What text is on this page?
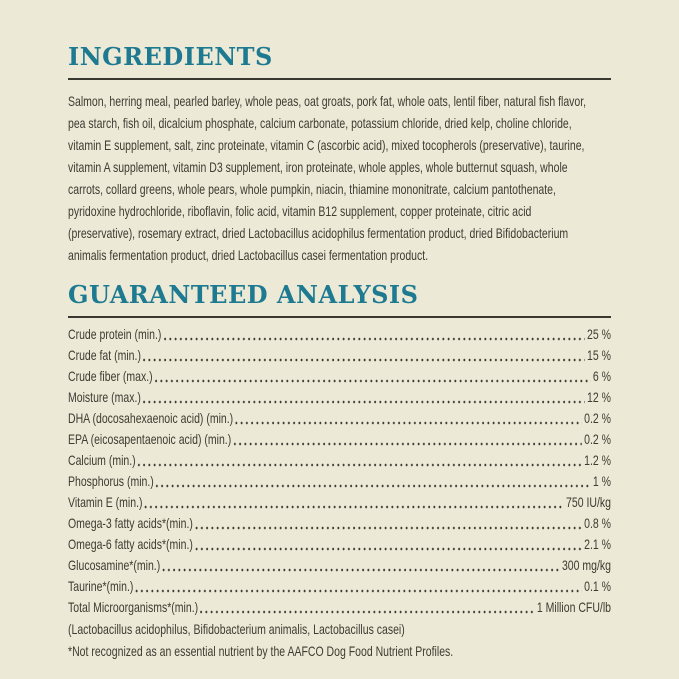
INGREDIENTS
Salmon, herring meal, pearled barley, whole peas, oat groats, pork fat, whole oats, lentil fiber, natural fish flavor,
pea starch, fish oil, dicalcium phosphate, calcium carbonate, potassium chloride, dried kelp, choline chloride,
vitamin E supplement, salt, zinc proteinate, vitamin C (ascorbic acid), mixed tocopherols (preservative), taurine,
vitamin A supplement, vitamin D3 supplement, iron proteinate, whole apples, whole butternut squash, whole
carrots, collard greens, whole pears, whole pumpkin, niacin, thiamine mononitrate, calcium pantothenate,
pyridoxine hydrochloride, riboflavin, folic acid, vitamin B12 supplement, copper proteinate, citric acid
(preservative), rosemary extract, dried Lactobacillus acidophilus fermentation product, dried Bifidobacterium
animalis fermentation product, dried Lactobacillus casei fermentation product.
GUARANTEED ANALYSIS
Crude protein (min.)	25 %
Crude fat (min.)	15 %
Crude fiber (max.)	6 %
Moisture (max.)	12 %
DHA (docosahexaenoic acid) (min.)	0.2 %
EPA (eicosapentaenoic acid) (min.)	0.2 %
Calcium (min.)	1.2 %
Phosphorus (min.)	1 %
Vitamin E (min.)	750 IU/kg
Omega-3 fatty acids*(min.)	0.8 %
Omega-6 fatty acids*(min.)	2.1 %
Glucosamine*(min.)	300 mg/kg
Taurine*(min.)	0.1 %
Total Microorganisms*(min.)	1 Million CFU/lb
(Lactobacillus acidophilus, Bifidobacterium animalis, Lactobacillus casei)
*Not recognized as an essential nutrient by the AAFCO Dog Food Nutrient Profiles.
